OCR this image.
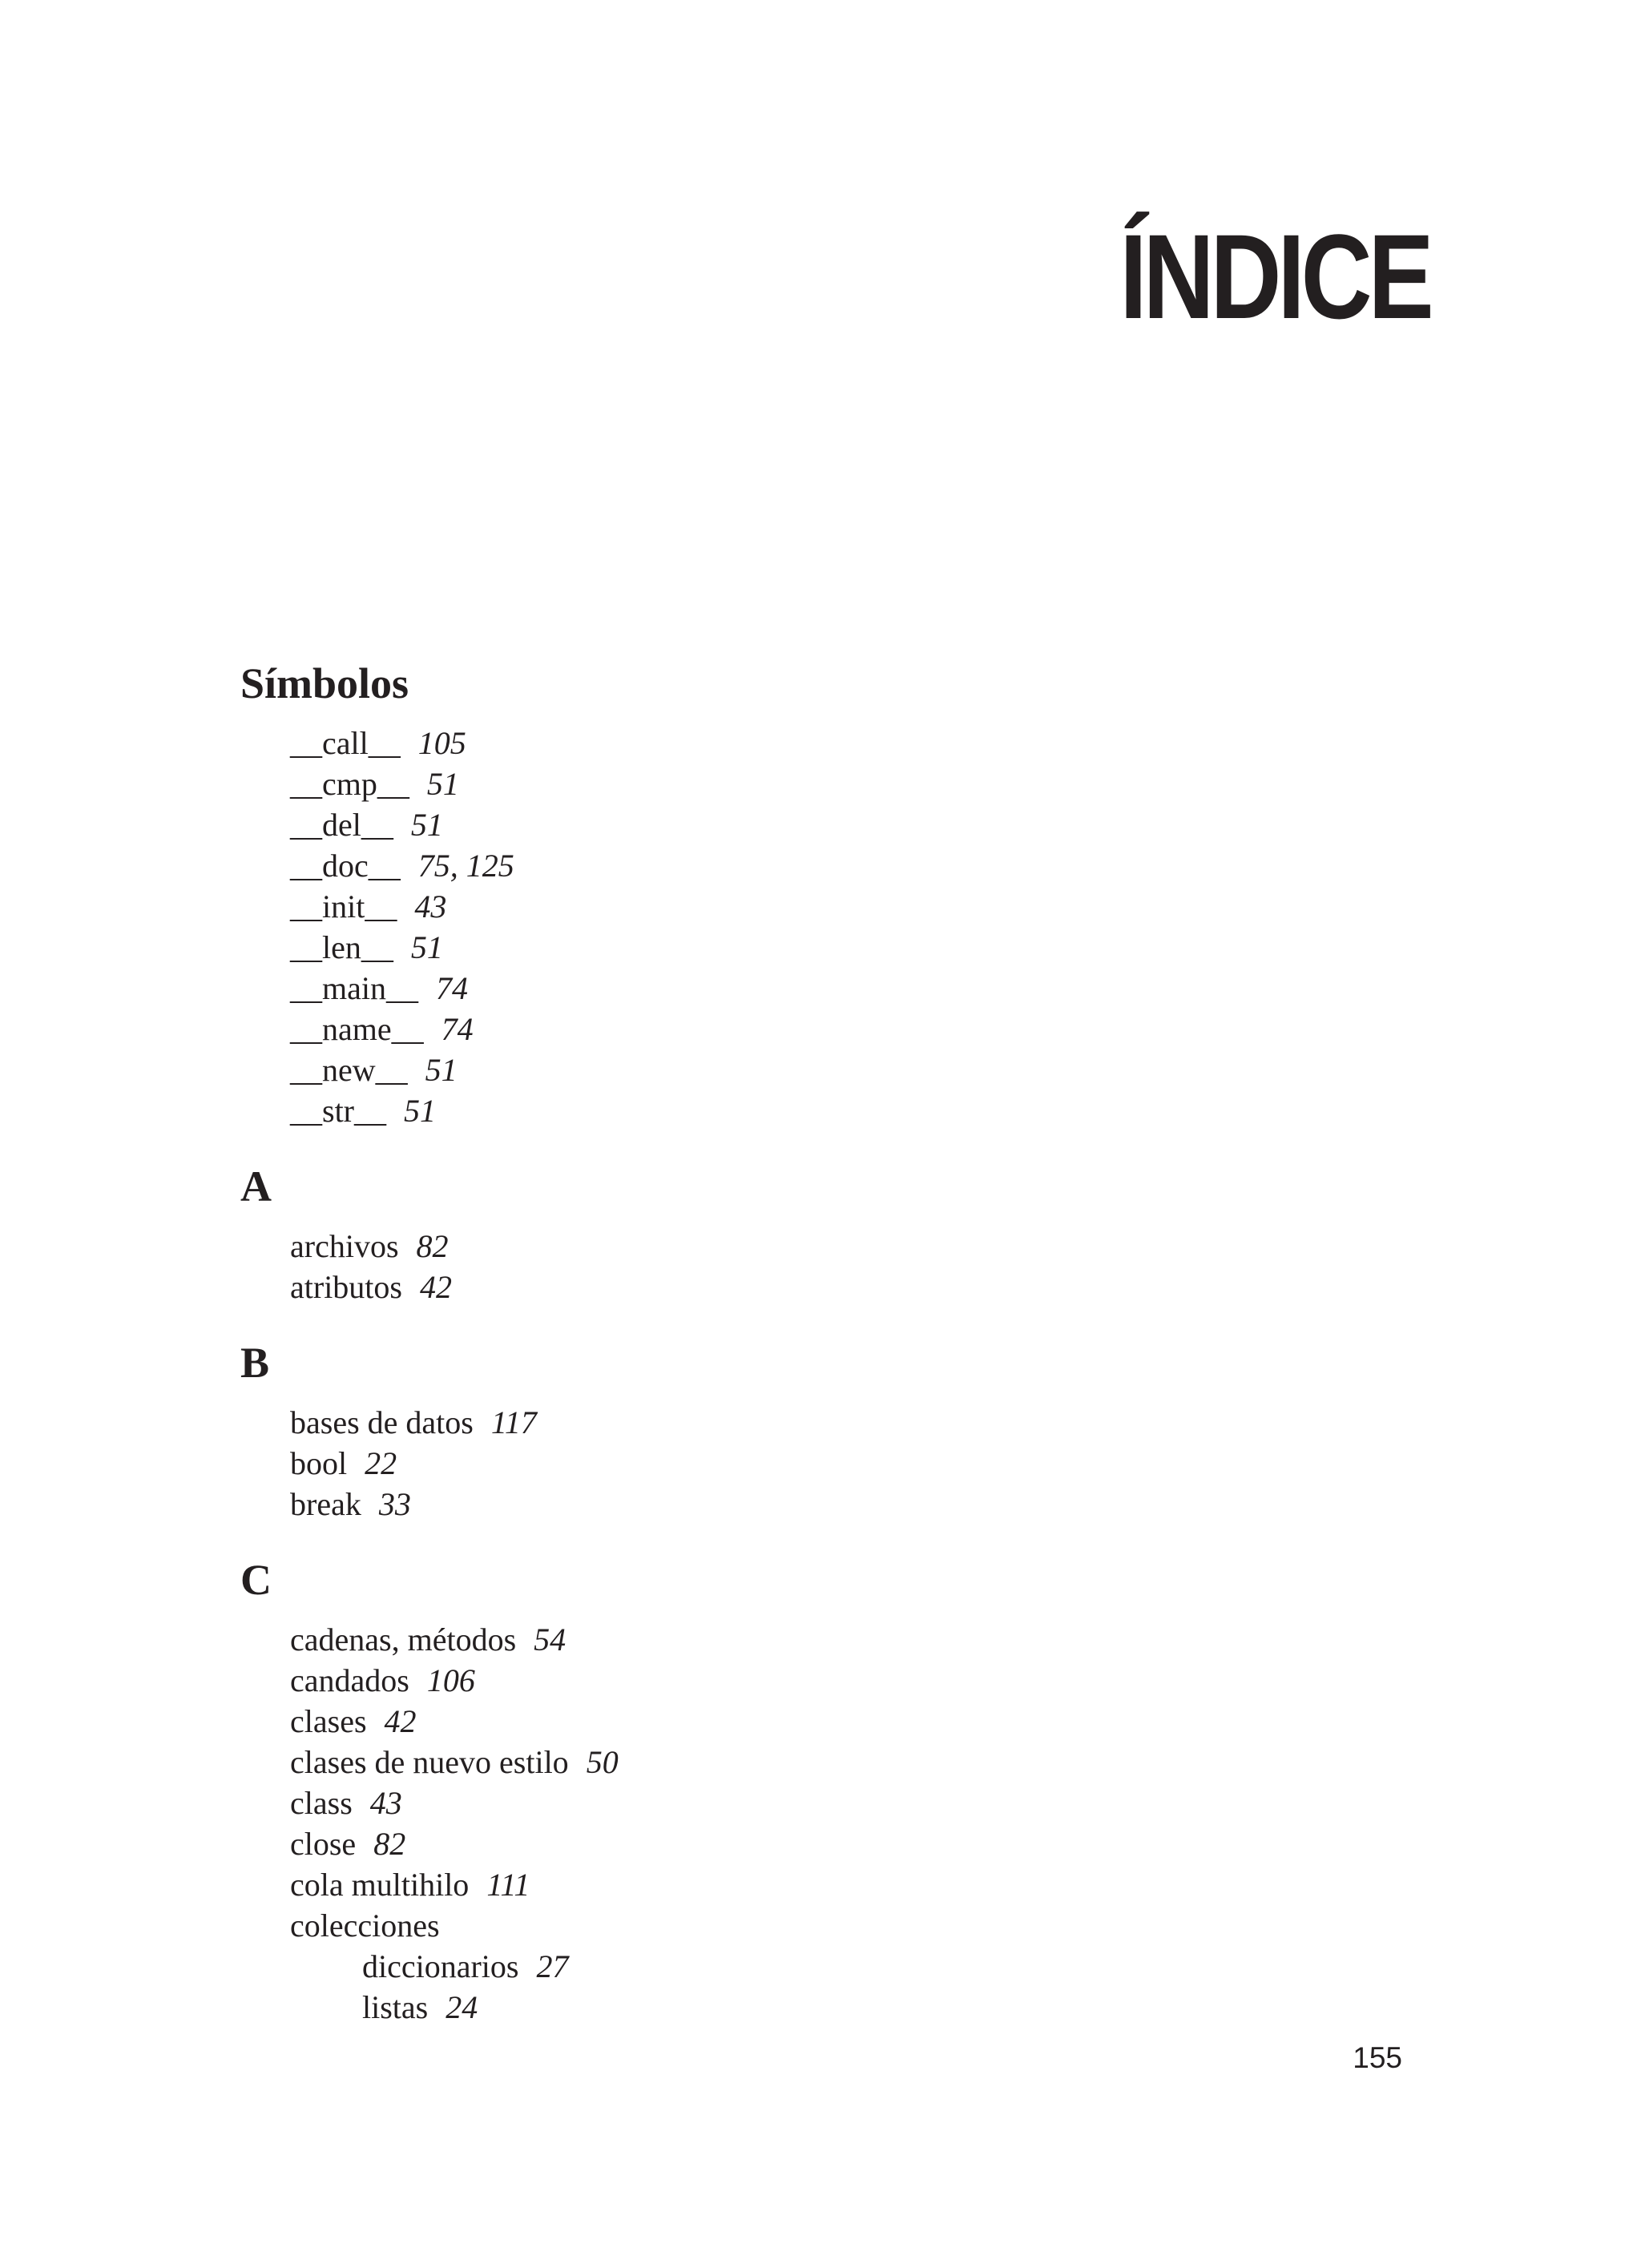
ÍNDICE
Símbolos
__call__ 105
__cmp__ 51
__del__ 51
__doc__ 75, 125
__init__ 43
__len__ 51
__main__ 74
__name__ 74
__new__ 51
__str__ 51
A
archivos 82
atributos 42
B
bases de datos 117
bool 22
break 33
C
cadenas, métodos 54
candados 106
clases 42
clases de nuevo estilo 50
class 43
close 82
cola multihilo 111
colecciones
diccionarios 27
listas 24
155
